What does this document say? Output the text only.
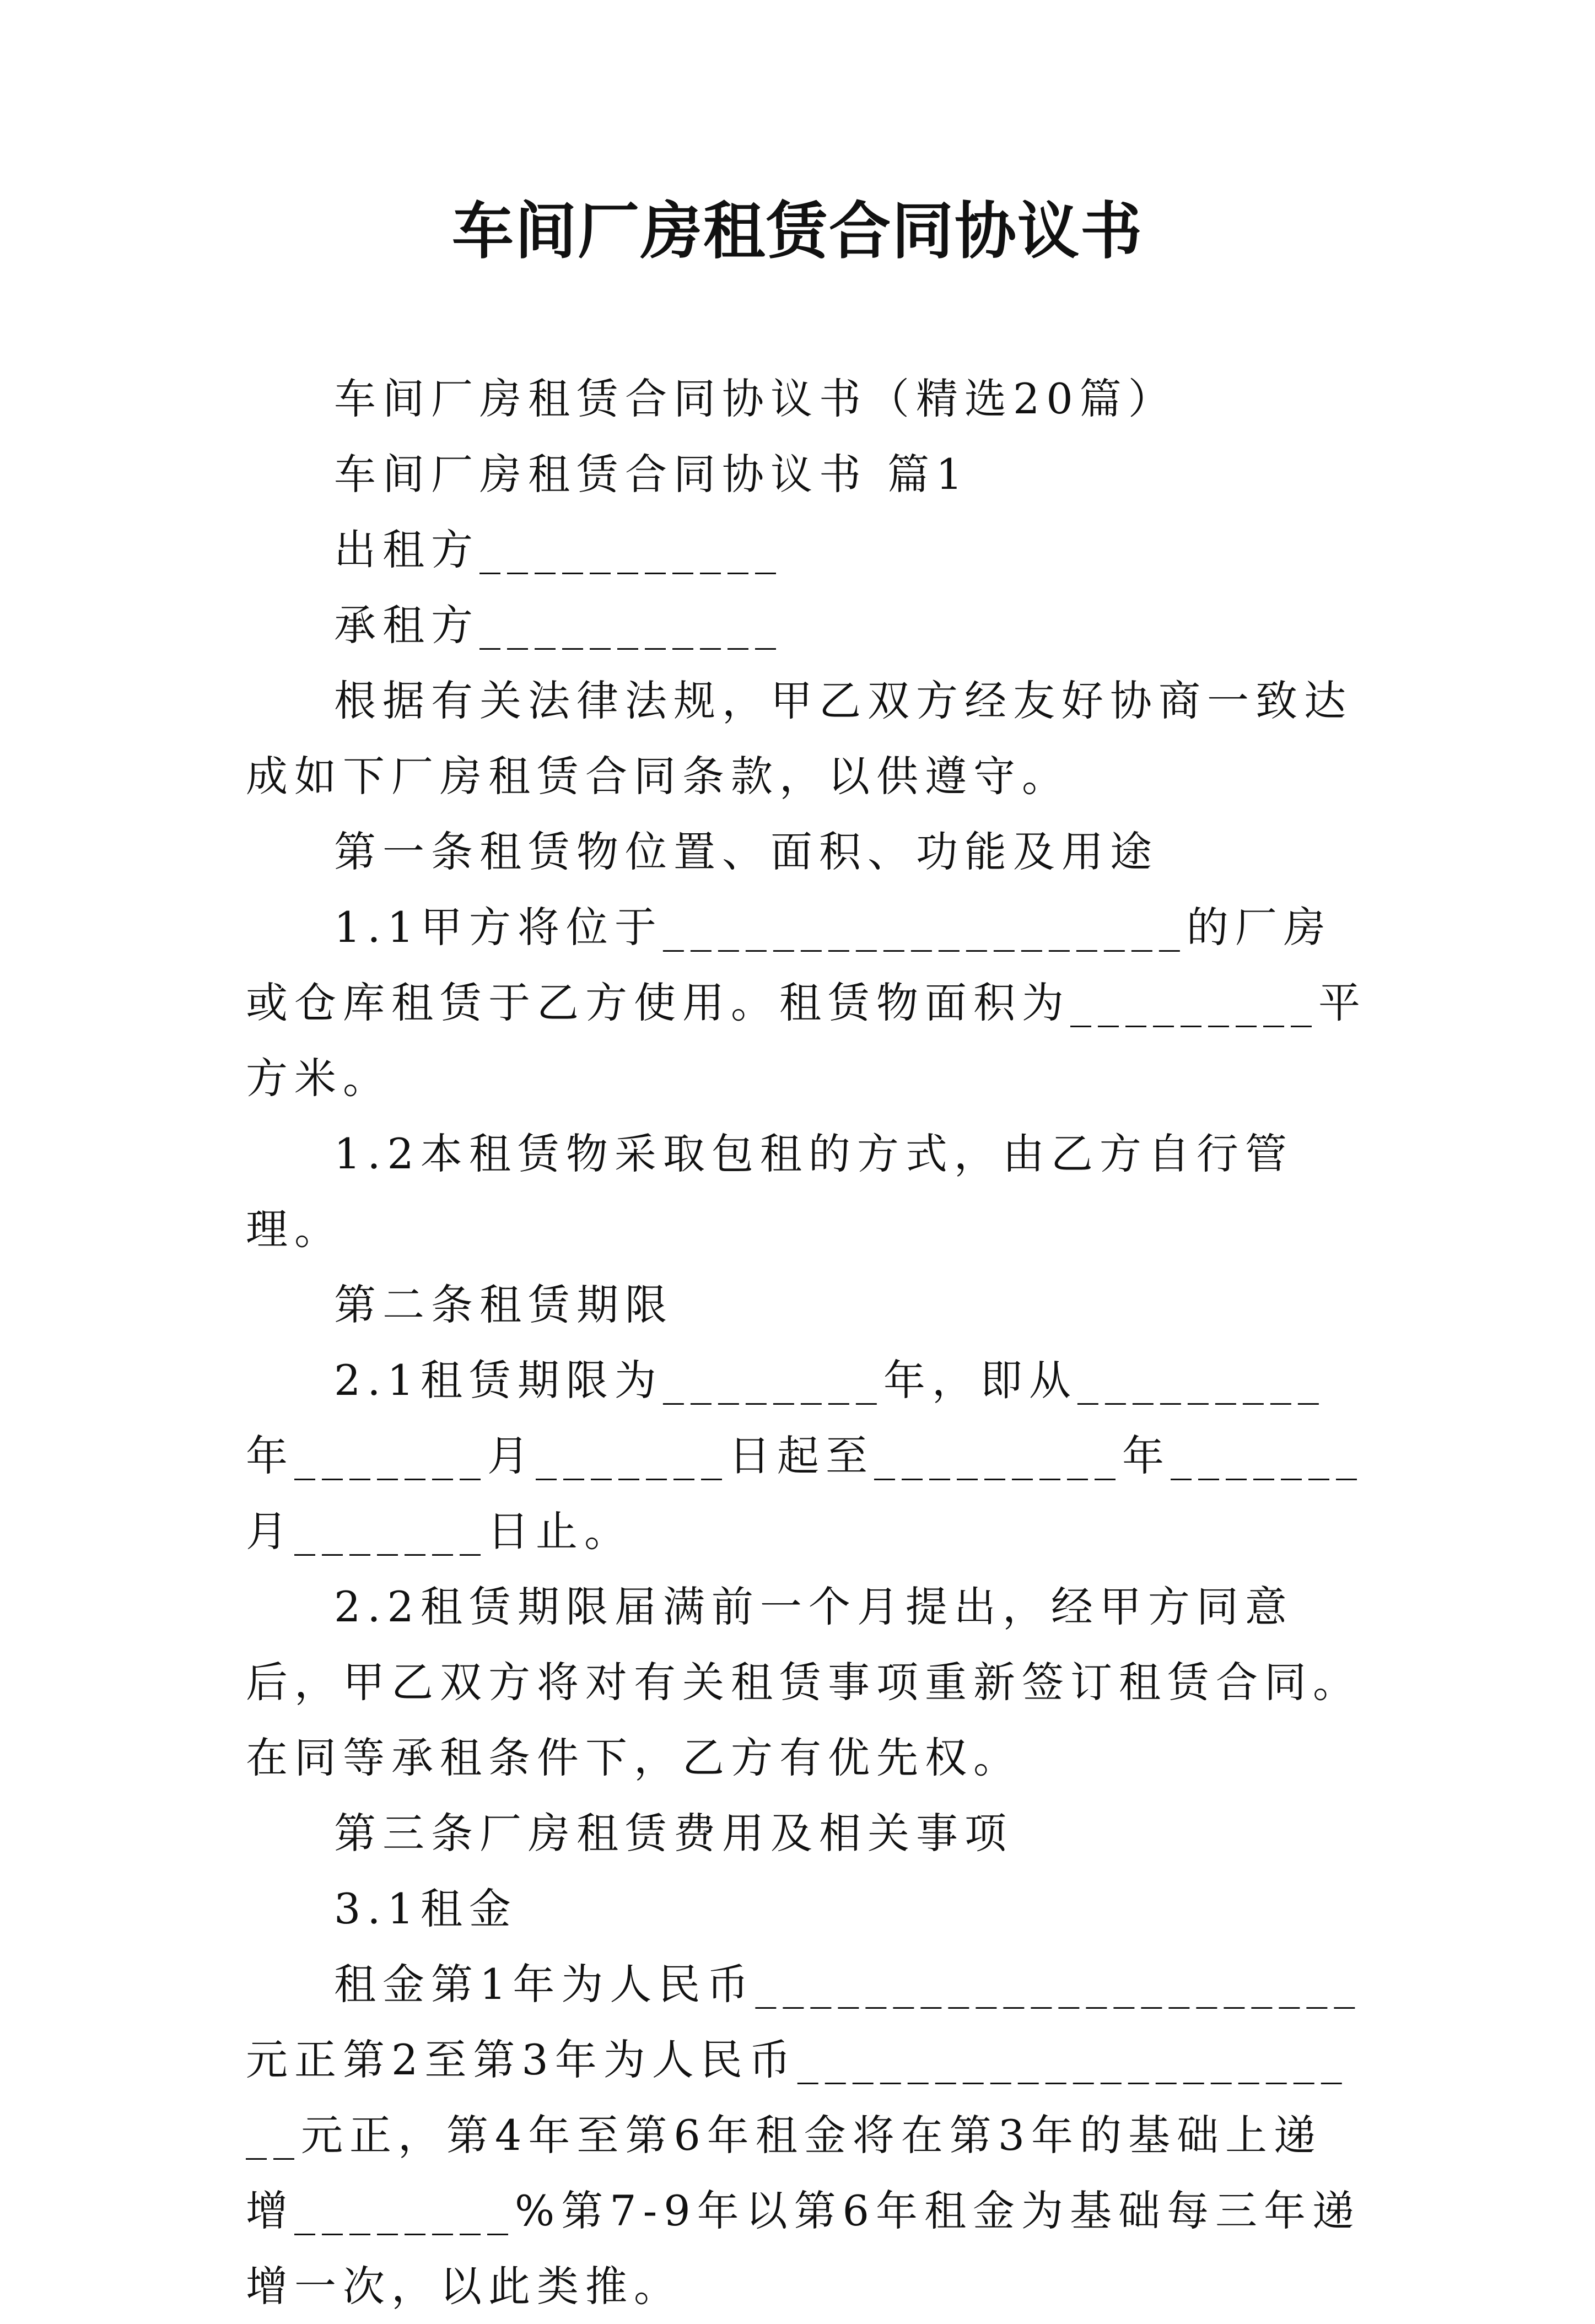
车间厂房租赁合同协议书

车间厂房租赁合同协议书（精选20篇）

车间厂房租赁合同协议书 篇1

出租方___________

承租方___________

根据有关法律法规，甲乙双方经友好协商一致达成如下厂房租赁合同条款，以供遵守。

第一条租赁物位置、面积、功能及用途

1.1甲方将位于___________________的厂房或仓库租赁于乙方使用。租赁物面积为_________平方米。

1.2本租赁物采取包租的方式，由乙方自行管理。

第二条租赁期限

2.1租赁期限为________年，即从_________年_______月_______日起至_________年_______月_______日止。

2.2租赁期限届满前一个月提出，经甲方同意后，甲乙双方将对有关租赁事项重新签订租赁合同。在同等承租条件下，乙方有优先权。

第三条厂房租赁费用及相关事项

3.1租金

租金第1年为人民币______________________元正第2至第3年为人民币______________________元正，第4年至第6年租金将在第3年的基础上递增________%第7-9年以第6年租金为基础每三年递增一次，以此类推。
